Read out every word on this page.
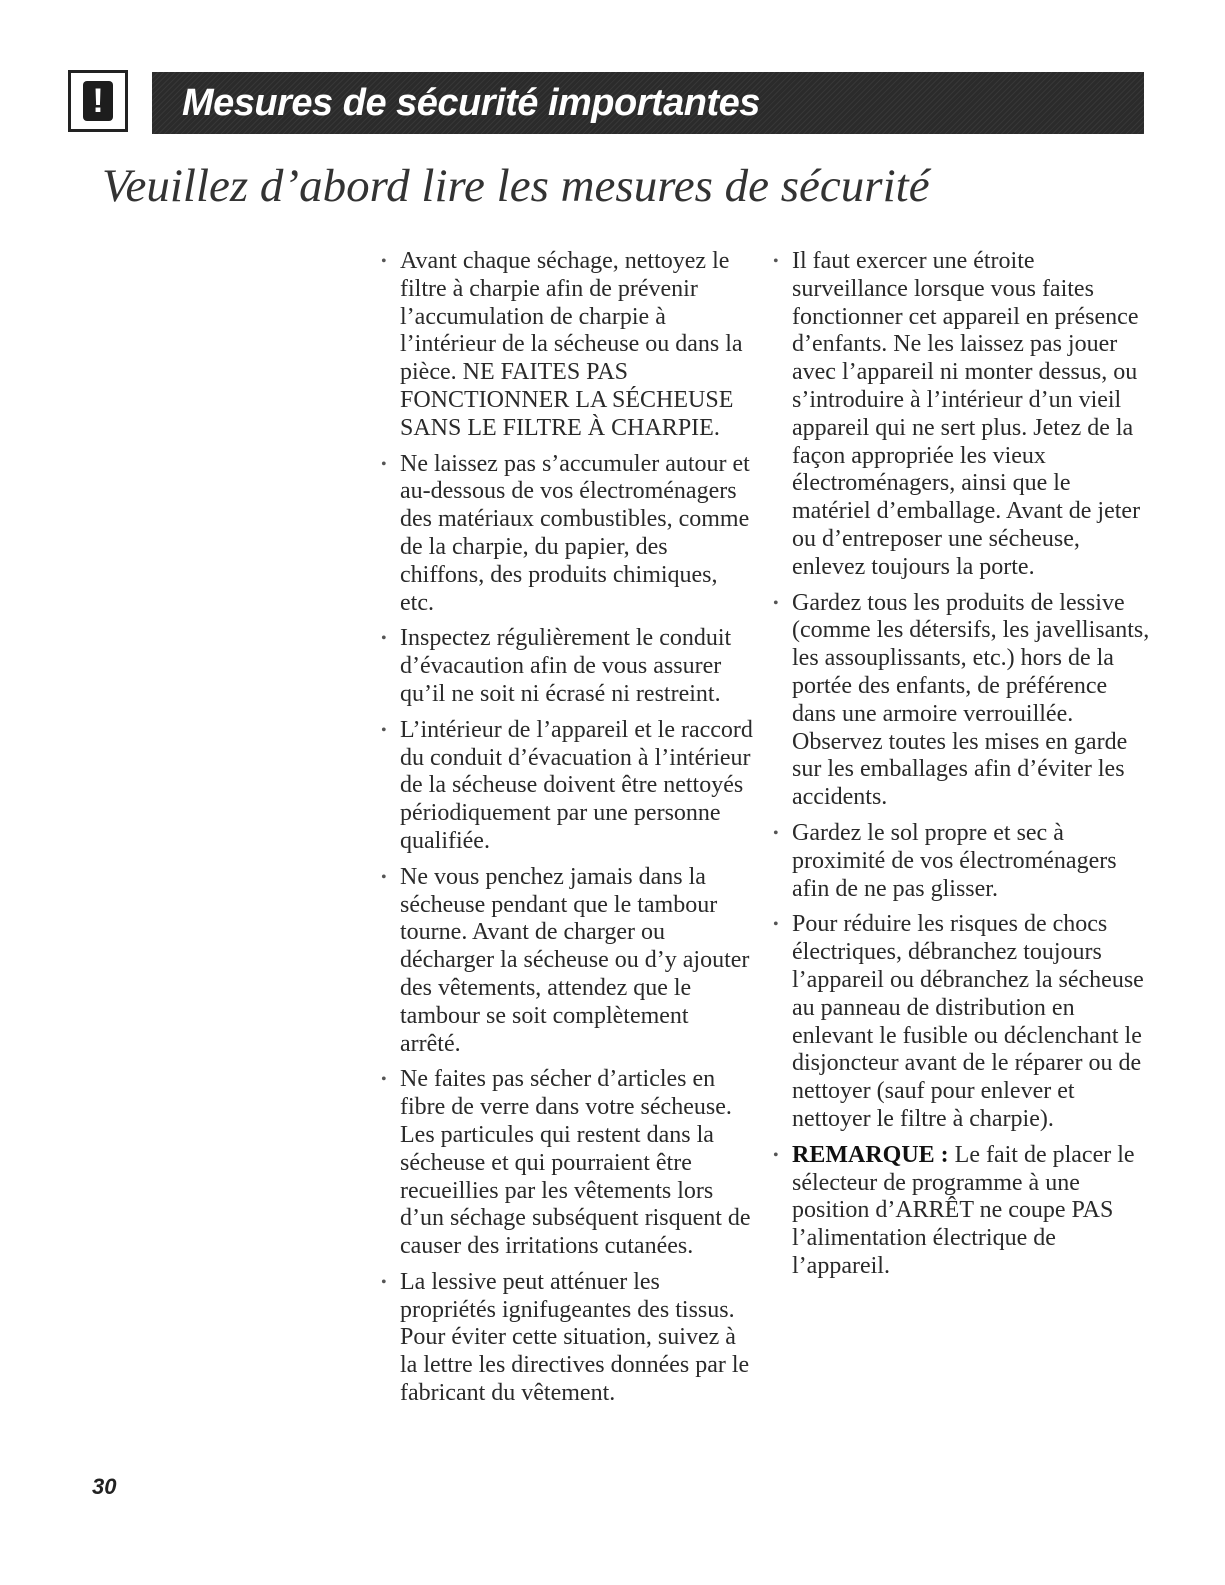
! Mesures de sécurité importantes
Veuillez d’abord lire les mesures de sécurité
• Avant chaque séchage, nettoyez le filtre à charpie afin de prévenir l’accumulation de charpie à l’intérieur de la sécheuse ou dans la pièce. NE FAITES PAS FONCTIONNER LA SÉCHEUSE SANS LE FILTRE À CHARPIE.
• Ne laissez pas s’accumuler autour et au-dessous de vos électroménagers des matériaux combustibles, comme de la charpie, du papier, des chiffons, des produits chimiques, etc.
• Inspectez régulièrement le conduit d’évacaution afin de vous assurer qu’il ne soit ni écrasé ni restreint.
• L’intérieur de l’appareil et le raccord du conduit d’évacuation à l’intérieur de la sécheuse doivent être nettoyés périodiquement par une personne qualifiée.
• Ne vous penchez jamais dans la sécheuse pendant que le tambour tourne. Avant de charger ou décharger la sécheuse ou d’y ajouter des vêtements, attendez que le tambour se soit complètement arrêté.
• Ne faites pas sécher d’articles en fibre de verre dans votre sécheuse. Les particules qui restent dans la sécheuse et qui pourraient être recueillies par les vêtements lors d’un séchage subséquent risquent de causer des irritations cutanées.
• La lessive peut atténuer les propriétés ignifugeantes des tissus. Pour éviter cette situation, suivez à la lettre les directives données par le fabricant du vêtement.
• Il faut exercer une étroite surveillance lorsque vous faites fonctionner cet appareil en présence d’enfants. Ne les laissez pas jouer avec l’appareil ni monter dessus, ou s’introduire à l’intérieur d’un vieil appareil qui ne sert plus. Jetez de la façon appropriée les vieux électroménagers, ainsi que le matériel d’emballage. Avant de jeter ou d’entreposer une sécheuse, enlevez toujours la porte.
• Gardez tous les produits de lessive (comme les détersifs, les javellisants, les assouplissants, etc.) hors de la portée des enfants, de préférence dans une armoire verrouillée. Observez toutes les mises en garde sur les emballages afin d’éviter les accidents.
• Gardez le sol propre et sec à proximité de vos électroménagers afin de ne pas glisser.
• Pour réduire les risques de chocs électriques, débranchez toujours l’appareil ou débranchez la sécheuse au panneau de distribution en enlevant le fusible ou déclenchant le disjoncteur avant de le réparer ou de nettoyer (sauf pour enlever et nettoyer le filtre à charpie).
• REMARQUE : Le fait de placer le sélecteur de programme à une position d’ARRÊT ne coupe PAS l’alimentation électrique de l’appareil.
30
